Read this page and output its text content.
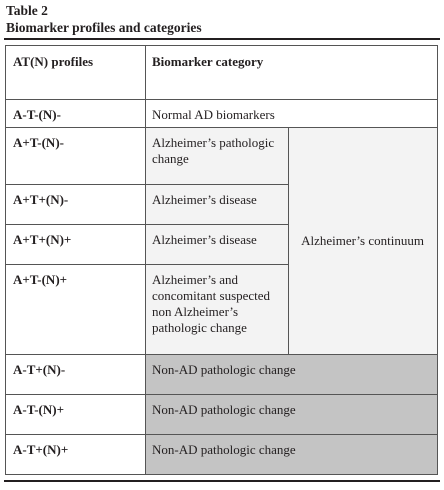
Table 2
Biomarker profiles and categories
AT(N) profiles	Biomarker category
A-T-(N)-	Normal AD biomarkers
A+T-(N)-	Alzheimer’s pathologic change
A+T+(N)-	Alzheimer’s disease
A+T+(N)+	Alzheimer’s disease
A+T-(N)+	Alzheimer’s and concomitant suspected non Alzheimer’s pathologic change
Alzheimer’s continuum
A-T+(N)-	Non-AD pathologic change
A-T-(N)+	Non-AD pathologic change
A-T+(N)+	Non-AD pathologic change
